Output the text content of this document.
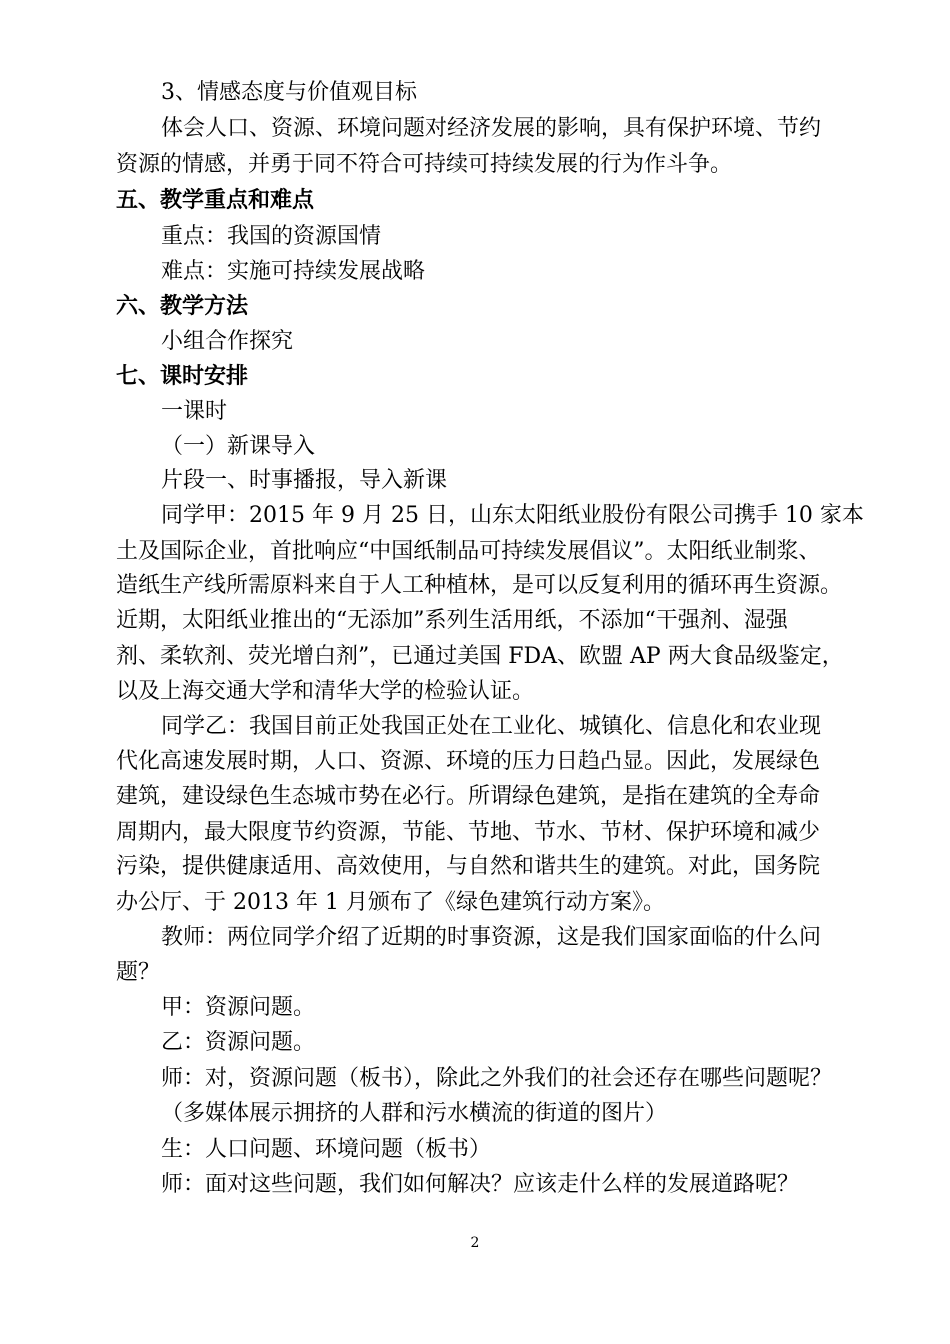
3、情感态度与价值观目标
体会人口、资源、环境问题对经济发展的影响，具有保护环境、节约
资源的情感，并勇于同不符合可持续可持续发展的行为作斗争。
五、教学重点和难点
重点：我国的资源国情
难点：实施可持续发展战略
六、教学方法
小组合作探究
七、课时安排
一课时
（一）新课导入
片段一、时事播报，导入新课
同学甲：2015 年 9 月 25 日，山东太阳纸业股份有限公司携手 10 家本
土及国际企业，首批响应“中国纸制品可持续发展倡议”。太阳纸业制浆、
造纸生产线所需原料来自于人工种植林，是可以反复利用的循环再生资源。
近期，太阳纸业推出的“无添加”系列生活用纸，不添加“干强剂、湿强
剂、柔软剂、荧光增白剂”，已通过美国 FDA、欧盟 AP 两大食品级鉴定，
以及上海交通大学和清华大学的检验认证。
同学乙：我国目前正处我国正处在工业化、城镇化、信息化和农业现
代化高速发展时期，人口、资源、环境的压力日趋凸显。因此，发展绿色
建筑，建设绿色生态城市势在必行。所谓绿色建筑，是指在建筑的全寿命
周期内，最大限度节约资源，节能、节地、节水、节材、保护环境和减少
污染，提供健康适用、高效使用，与自然和谐共生的建筑。对此，国务院
办公厅、于 2013 年 1 月颁布了《绿色建筑行动方案》。
教师：两位同学介绍了近期的时事资源，这是我们国家面临的什么问
题？
甲：资源问题。
乙：资源问题。
师：对，资源问题（板书），除此之外我们的社会还存在哪些问题呢？
（多媒体展示拥挤的人群和污水横流的街道的图片）
生：人口问题、环境问题（板书）
师：面对这些问题，我们如何解决？应该走什么样的发展道路呢？
2
